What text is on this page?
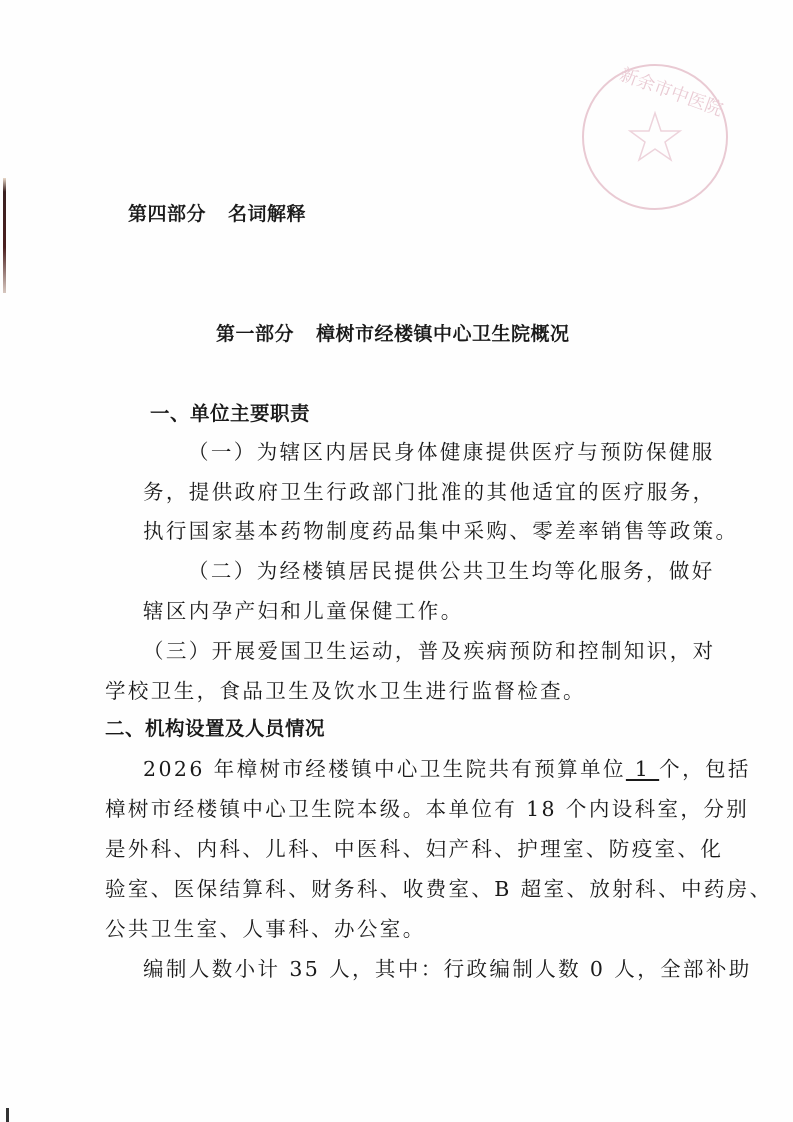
新余市中医院
第四部分 名词解释
第一部分 樟树市经楼镇中心卫生院概况
一、单位主要职责
（一）为辖区内居民身体健康提供医疗与预防保健服
务，提供政府卫生行政部门批准的其他适宜的医疗服务，
执行国家基本药物制度药品集中采购、零差率销售等政策。
（二）为经楼镇居民提供公共卫生均等化服务，做好
辖区内孕产妇和儿童保健工作。
（三）开展爱国卫生运动，普及疾病预防和控制知识，对
学校卫生，食品卫生及饮水卫生进行监督检查。
二、机构设置及人员情况
2026 年樟树市经楼镇中心卫生院共有预算单位 1 个，包括
樟树市经楼镇中心卫生院本级。本单位有 18 个内设科室，分别
是外科、内科、儿科、中医科、妇产科、护理室、防疫室、化
验室、医保结算科、财务科、收费室、B 超室、放射科、中药房、
公共卫生室、人事科、办公室。
编制人数小计 35 人，其中：行政编制人数 0 人，全部补助
